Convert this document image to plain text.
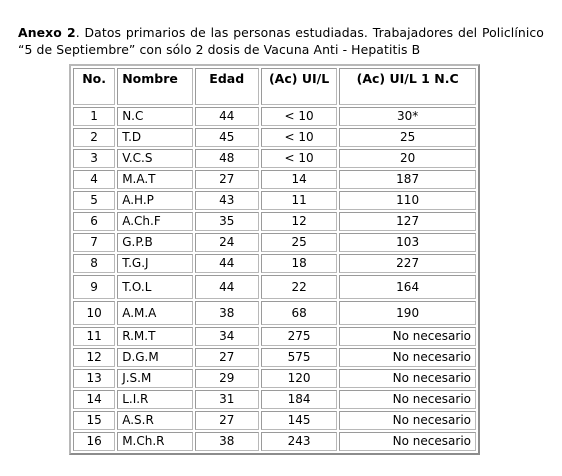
Anexo 2. Datos primarios de las personas estudiadas. Trabajadores del Policlínico “5 de Septiembre” con sólo 2 dosis de Vacuna Anti - Hepatitis B

No.	Nombre	Edad	(Ac) UI/L	(Ac) UI/L 1 N.C
1	N.C	44	< 10	30*
2	T.D	45	< 10	25
3	V.C.S	48	< 10	20
4	M.A.T	27	14	187
5	A.H.P	43	11	110
6	A.Ch.F	35	12	127
7	G.P.B	24	25	103
8	T.G.J	44	18	227
9	T.O.L	44	22	164
10	A.M.A	38	68	190
11	R.M.T	34	275	No necesario
12	D.G.M	27	575	No necesario
13	J.S.M	29	120	No necesario
14	L.I.R	31	184	No necesario
15	A.S.R	27	145	No necesario
16	M.Ch.R	38	243	No necesario
